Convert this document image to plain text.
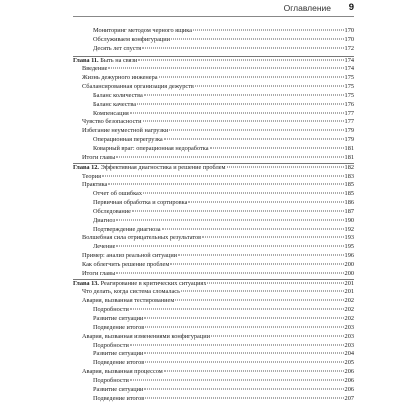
Оглавление 9
Мониторинг методом черного ящика	170
Обслуживаем конфигурации	170
Десять лет спустя	172
Глава 11. Быть на связи	174
Введение	174
Жизнь дежурного инженера	175
Сбалансированная организация дежурств	175
Баланс количества	175
Баланс качества	176
Компенсация	177
Чувство безопасности	177
Избегание неуместной нагрузки	179
Операционная перегрузка	179
Коварный враг: операционная недоработка	181
Итоги главы	181
Глава 12. Эффективная диагностика и решение проблем	182
Теория	183
Практика	185
Отчет об ошибках	185
Первичная обработка и сортировка	186
Обследование	187
Диагноз	190
Подтверждение диагноза	192
Волшебная сила отрицательных результатов	193
Лечение	195
Пример: анализ реальной ситуации	196
Как облегчить решение проблем	200
Итоги главы	200
Глава 13. Реагирование в критических ситуациях	201
Что делать, когда система сломалась	201
Авария, вызванная тестированием	202
Подробности	202
Развитие ситуации	202
Подведение итогов	203
Авария, вызванная изменениями конфигурации	203
Подробности	203
Развитие ситуации	204
Подведение итогов	205
Авария, вызванная процессом	206
Подробности	206
Развитие ситуации	206
Подведение итогов	207
